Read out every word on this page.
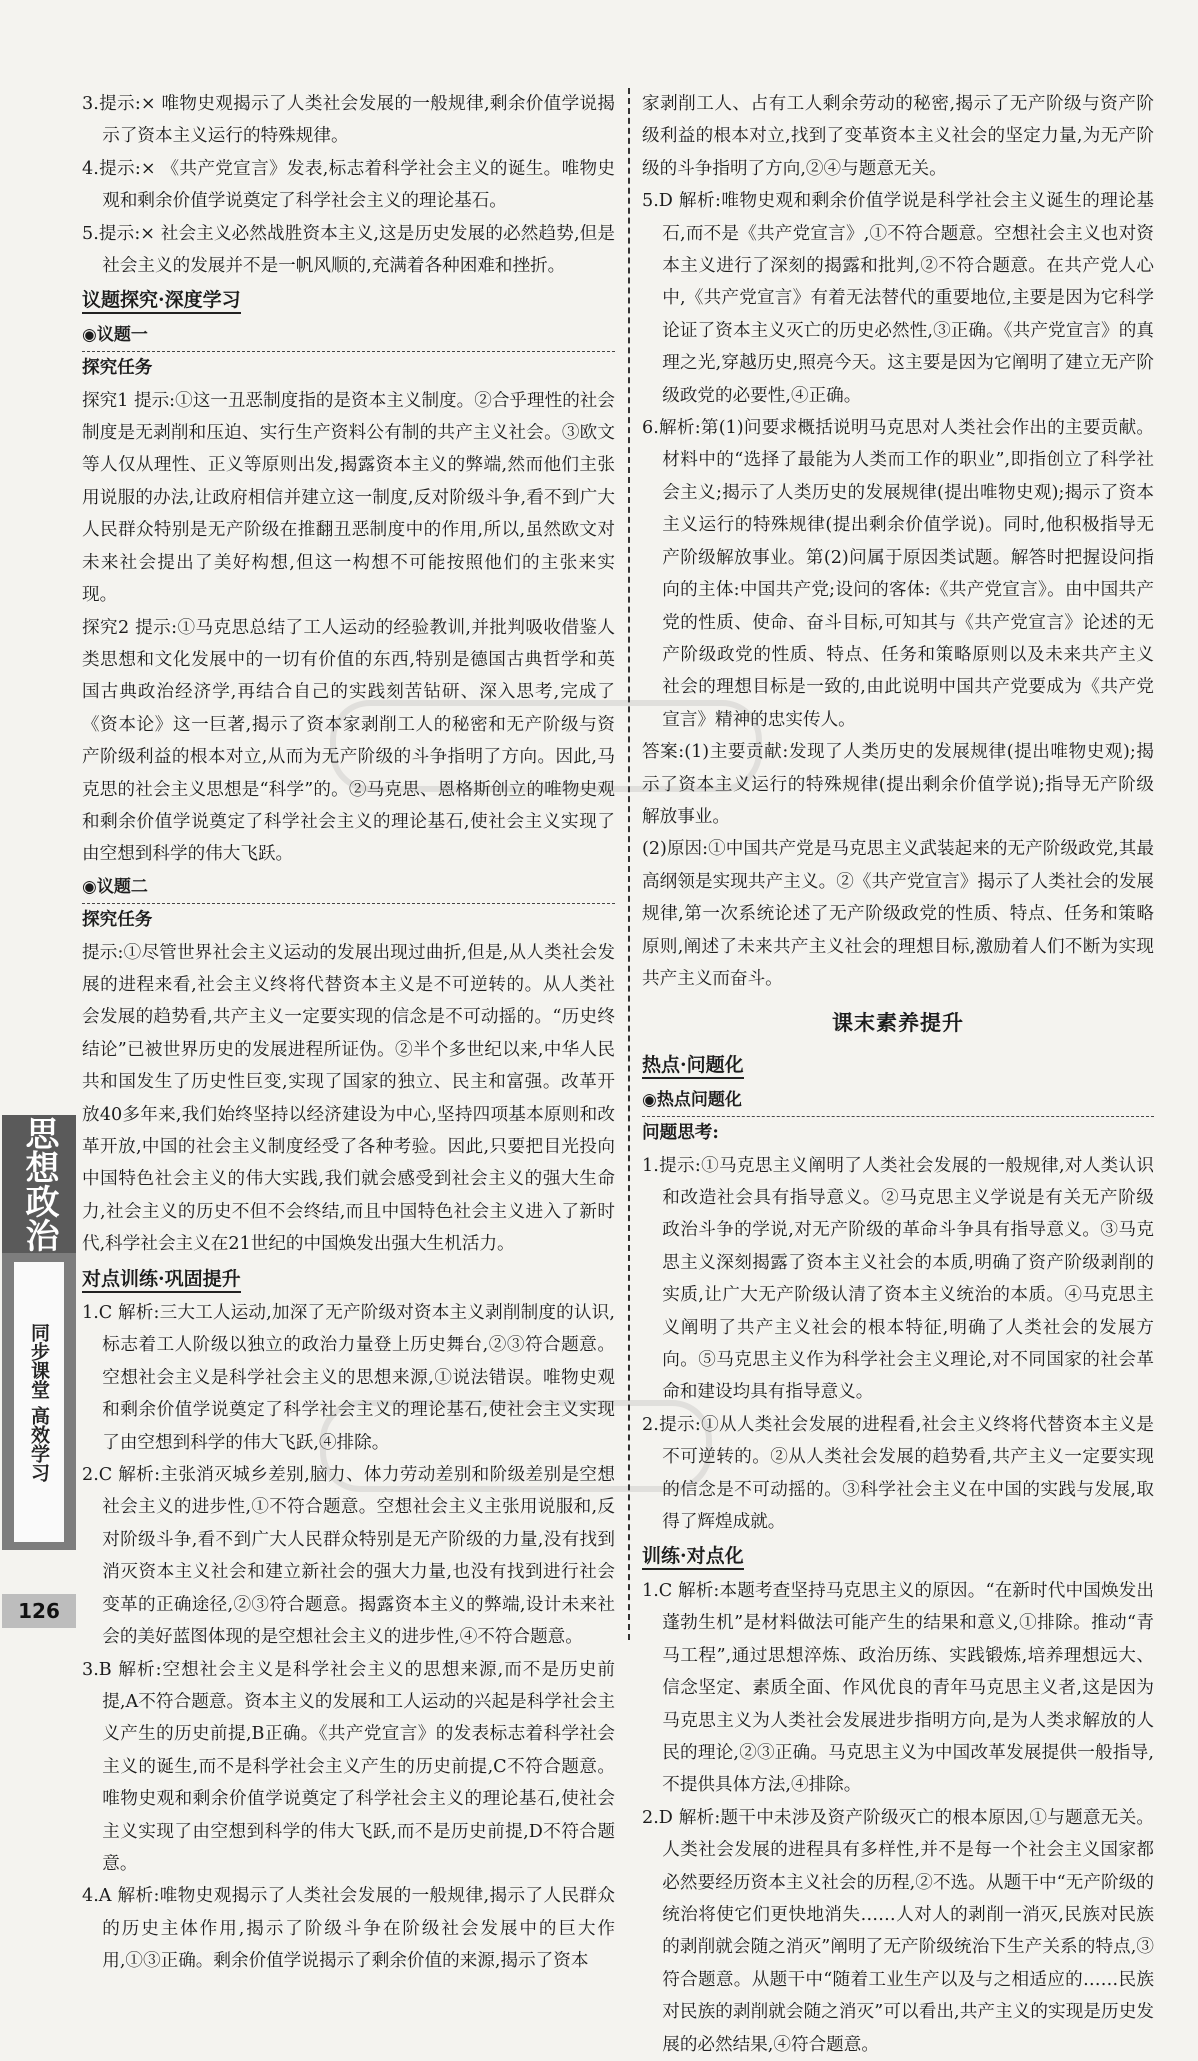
3.提示:× 唯物史观揭示了人类社会发展的一般规律,剩余价值学说揭示了资本主义运行的特殊规律。

4.提示:× 《共产党宣言》发表,标志着科学社会主义的诞生。唯物史观和剩余价值学说奠定了科学社会主义的理论基石。

5.提示:× 社会主义必然战胜资本主义,这是历史发展的必然趋势,但是社会主义的发展并不是一帆风顺的,充满着各种困难和挫折。

议题探究·深度学习

◉议题一

探究任务

探究1 提示:①这一丑恶制度指的是资本主义制度。②合乎理性的社会制度是无剥削和压迫、实行生产资料公有制的共产主义社会。③欧文等人仅从理性、正义等原则出发,揭露资本主义的弊端,然而他们主张用说服的办法,让政府相信并建立这一制度,反对阶级斗争,看不到广大人民群众特别是无产阶级在推翻丑恶制度中的作用,所以,虽然欧文对未来社会提出了美好构想,但这一构想不可能按照他们的主张来实现。

探究2 提示:①马克思总结了工人运动的经验教训,并批判吸收借鉴人类思想和文化发展中的一切有价值的东西,特别是德国古典哲学和英国古典政治经济学,再结合自己的实践刻苦钻研、深入思考,完成了《资本论》这一巨著,揭示了资本家剥削工人的秘密和无产阶级与资产阶级利益的根本对立,从而为无产阶级的斗争指明了方向。因此,马克思的社会主义思想是“科学”的。②马克思、恩格斯创立的唯物史观和剩余价值学说奠定了科学社会主义的理论基石,使社会主义实现了由空想到科学的伟大飞跃。

◉议题二

探究任务

提示:①尽管世界社会主义运动的发展出现过曲折,但是,从人类社会发展的进程来看,社会主义终将代替资本主义是不可逆转的。从人类社会发展的趋势看,共产主义一定要实现的信念是不可动摇的。“历史终结论”已被世界历史的发展进程所证伪。②半个多世纪以来,中华人民共和国发生了历史性巨变,实现了国家的独立、民主和富强。改革开放40多年来,我们始终坚持以经济建设为中心,坚持四项基本原则和改革开放,中国的社会主义制度经受了各种考验。因此,只要把目光投向中国特色社会主义的伟大实践,我们就会感受到社会主义的强大生命力,社会主义的历史不但不会终结,而且中国特色社会主义进入了新时代,科学社会主义在21世纪的中国焕发出强大生机活力。

对点训练·巩固提升

1.C 解析:三大工人运动,加深了无产阶级对资本主义剥削制度的认识,标志着工人阶级以独立的政治力量登上历史舞台,②③符合题意。空想社会主义是科学社会主义的思想来源,①说法错误。唯物史观和剩余价值学说奠定了科学社会主义的理论基石,使社会主义实现了由空想到科学的伟大飞跃,④排除。

2.C 解析:主张消灭城乡差别,脑力、体力劳动差别和阶级差别是空想社会主义的进步性,①不符合题意。空想社会主义主张用说服和,反对阶级斗争,看不到广大人民群众特别是无产阶级的力量,没有找到消灭资本主义社会和建立新社会的强大力量,也没有找到进行社会变革的正确途径,②③符合题意。揭露资本主义的弊端,设计未来社会的美好蓝图体现的是空想社会主义的进步性,④不符合题意。

3.B 解析:空想社会主义是科学社会主义的思想来源,而不是历史前提,A不符合题意。资本主义的发展和工人运动的兴起是科学社会主义产生的历史前提,B正确。《共产党宣言》的发表标志着科学社会主义的诞生,而不是科学社会主义产生的历史前提,C不符合题意。唯物史观和剩余价值学说奠定了科学社会主义的理论基石,使社会主义实现了由空想到科学的伟大飞跃,而不是历史前提,D不符合题意。

4.A 解析:唯物史观揭示了人类社会发展的一般规律,揭示了人民群众的历史主体作用,揭示了阶级斗争在阶级社会发展中的巨大作用,①③正确。剩余价值学说揭示了剩余价值的来源,揭示了资本

家剥削工人、占有工人剩余劳动的秘密,揭示了无产阶级与资产阶级利益的根本对立,找到了变革资本主义社会的坚定力量,为无产阶级的斗争指明了方向,②④与题意无关。

5.D 解析:唯物史观和剩余价值学说是科学社会主义诞生的理论基石,而不是《共产党宣言》,①不符合题意。空想社会主义也对资本主义进行了深刻的揭露和批判,②不符合题意。在共产党人心中,《共产党宣言》有着无法替代的重要地位,主要是因为它科学论证了资本主义灭亡的历史必然性,③正确。《共产党宣言》的真理之光,穿越历史,照亮今天。这主要是因为它阐明了建立无产阶级政党的必要性,④正确。

6.解析:第(1)问要求概括说明马克思对人类社会作出的主要贡献。材料中的“选择了最能为人类而工作的职业”,即指创立了科学社会主义;揭示了人类历史的发展规律(提出唯物史观);揭示了资本主义运行的特殊规律(提出剩余价值学说)。同时,他积极指导无产阶级解放事业。第(2)问属于原因类试题。解答时把握设问指向的主体:中国共产党;设问的客体:《共产党宣言》。由中国共产党的性质、使命、奋斗目标,可知其与《共产党宣言》论述的无产阶级政党的性质、特点、任务和策略原则以及未来共产主义社会的理想目标是一致的,由此说明中国共产党要成为《共产党宣言》精神的忠实传人。

答案:(1)主要贡献:发现了人类历史的发展规律(提出唯物史观);揭示了资本主义运行的特殊规律(提出剩余价值学说);指导无产阶级解放事业。

(2)原因:①中国共产党是马克思主义武装起来的无产阶级政党,其最高纲领是实现共产主义。②《共产党宣言》揭示了人类社会的发展规律,第一次系统论述了无产阶级政党的性质、特点、任务和策略原则,阐述了未来共产主义社会的理想目标,激励着人们不断为实现共产主义而奋斗。

课末素养提升
热点·问题化

◉热点问题化

问题思考:

1.提示:①马克思主义阐明了人类社会发展的一般规律,对人类认识和改造社会具有指导意义。②马克思主义学说是有关无产阶级政治斗争的学说,对无产阶级的革命斗争具有指导意义。③马克思主义深刻揭露了资本主义社会的本质,明确了资产阶级剥削的实质,让广大无产阶级认清了资本主义统治的本质。④马克思主义阐明了共产主义社会的根本特征,明确了人类社会的发展方向。⑤马克思主义作为科学社会主义理论,对不同国家的社会革命和建设均具有指导意义。

2.提示:①从人类社会发展的进程看,社会主义终将代替资本主义是不可逆转的。②从人类社会发展的趋势看,共产主义一定要实现的信念是不可动摇的。③科学社会主义在中国的实践与发展,取得了辉煌成就。

训练·对点化

1.C 解析:本题考查坚持马克思主义的原因。“在新时代中国焕发出蓬勃生机”是材料做法可能产生的结果和意义,①排除。推动“青马工程”,通过思想淬炼、政治历练、实践锻炼,培养理想远大、信念坚定、素质全面、作风优良的青年马克思主义者,这是因为马克思主义为人类社会发展进步指明方向,是为人类求解放的人民的理论,②③正确。马克思主义为中国改革发展提供一般指导,不提供具体方法,④排除。

2.D 解析:题干中未涉及资产阶级灭亡的根本原因,①与题意无关。人类社会发展的进程具有多样性,并不是每一个社会主义国家都必然要经历资本主义社会的历程,②不选。从题干中“无产阶级的统治将使它们更快地消失……人对人的剥削一消灭,民族对民族的剥削就会随之消灭”阐明了无产阶级统治下生产关系的特点,③符合题意。从题干中“随着工业生产以及与之相适应的……民族对民族的剥削就会随之消灭”可以看出,共产主义的实现是历史发展的必然结果,④符合题意。

思想政治
同步课堂 高效学习
126
